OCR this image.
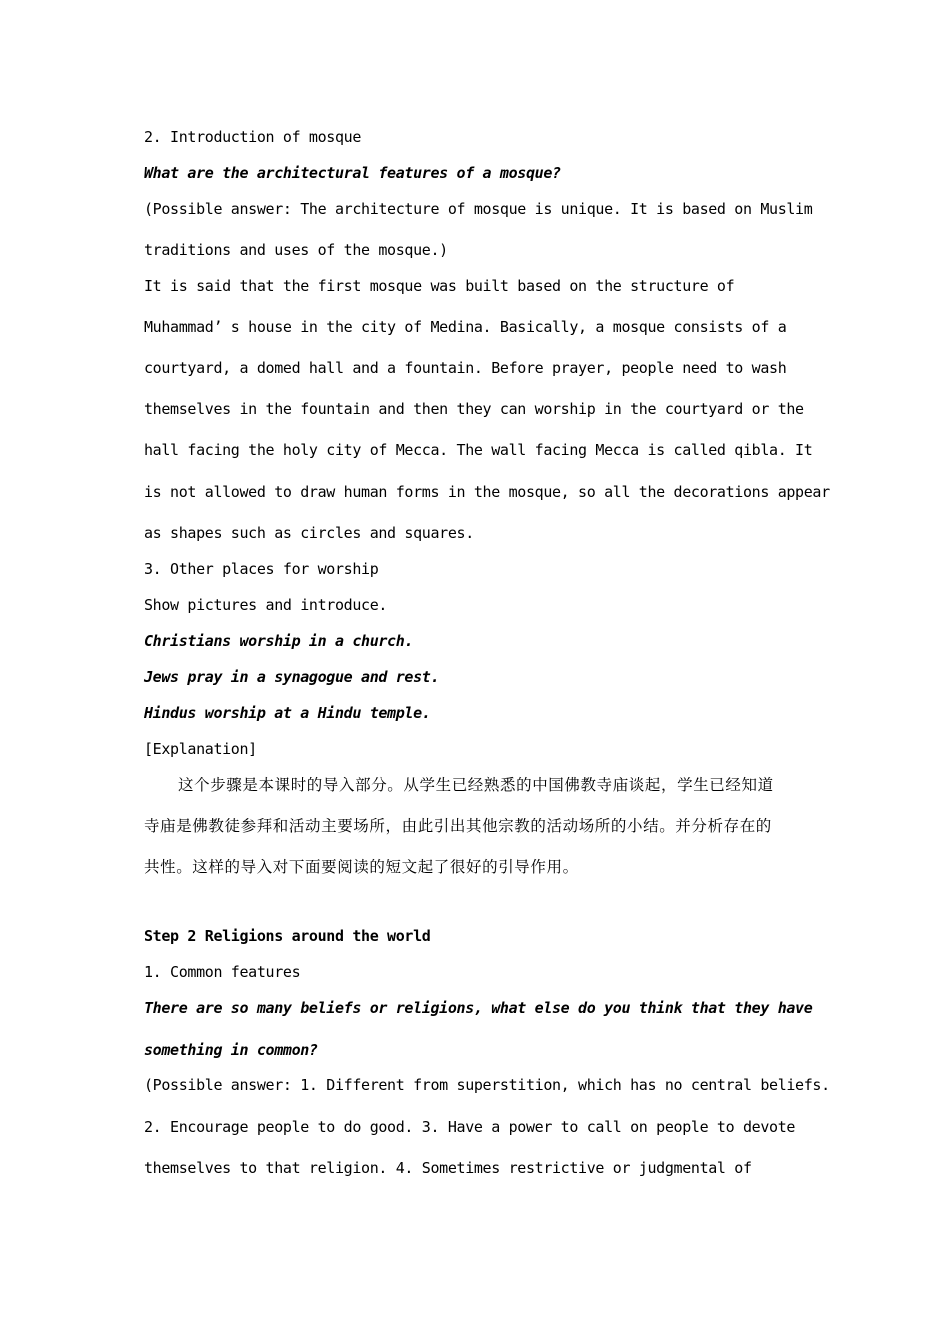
2. Introduction of mosque
What are the architectural features of a mosque?
(Possible answer: The architecture of mosque is unique. It is based on Muslim
traditions and uses of the mosque.)
It is said that the first mosque was built based on the structure of
Muhammad’ s house in the city of Medina. Basically, a mosque consists of a
courtyard, a domed hall and a fountain. Before prayer, people need to wash
themselves in the fountain and then they can worship in the courtyard or the
hall facing the holy city of Mecca. The wall facing Mecca is called qibla. It
is not allowed to draw human forms in the mosque, so all the decorations appear
as shapes such as circles and squares.
3. Other places for worship
Show pictures and introduce.
Christians worship in a church.
Jews pray in a synagogue and rest.
Hindus worship at a Hindu temple.
[Explanation]
这个步骤是本课时的导入部分。从学生已经熟悉的中国佛教寺庙谈起，学生已经知道
寺庙是佛教徒参拜和活动主要场所，由此引出其他宗教的活动场所的小结。并分析存在的
共性。这样的导入对下面要阅读的短文起了很好的引导作用。
Step 2 Religions around the world
1. Common features
There are so many beliefs or religions, what else do you think that they have
something in common?
(Possible answer: 1. Different from superstition, which has no central beliefs.
2. Encourage people to do good. 3. Have a power to call on people to devote
themselves to that religion. 4. Sometimes restrictive or judgmental of
